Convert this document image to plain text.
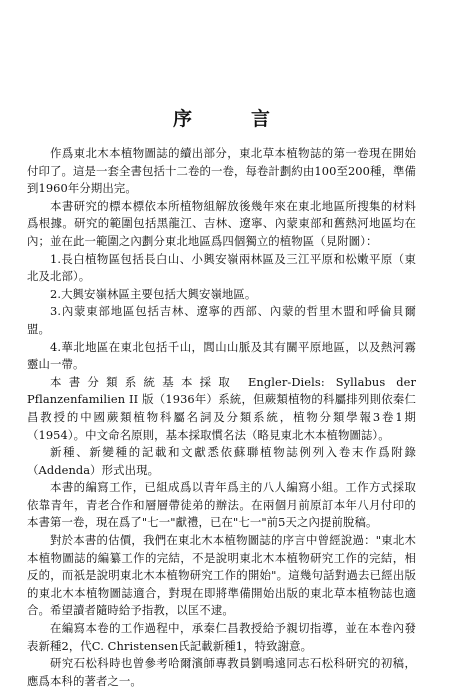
序　言

作爲東北木本植物圖誌的續出部分，東北草本植物誌的第一卷現在開始付印了。這是一套全書包括十二卷的一卷，每卷計劃約由100至200種，準備到1960年分期出完。

本書研究的標本標依本所植物組解放後幾年來在東北地區所搜集的材料爲根據。研究的範圍包括黑龍江、吉林、遼寧、內蒙東部和舊熱河地區均在內；並在此一範圍之內劃分東北地區爲四個獨立的植物區（見附圖）：

1.長白植物區包括長白山、小興安嶺兩林區及三江平原和松嫩平原（東北及北部）。

2.大興安嶺林區主要包括大興安嶺地區。

3.內蒙東部地區包括吉林、遼寧的西部、內蒙的哲里木盟和呼倫貝爾盟。

4.華北地區在東北包括千山，閭山山脈及其有關平原地區，以及熱河霧靈山一帶。

本書分類系統基本採取 Engler-Diels: Syllabus der Pflanzenfamilien II 版（1936年）系統，但蕨類植物的科屬排列則依秦仁昌教授的中國蕨類植物科屬名詞及分類系統，植物分類學報3卷1期（1954）。中文命名原則，基本採取慣名法（略見東北木本植物圖誌）。

新種、新變種的記載和文獻悉依蘇聯植物誌例列入卷末作爲附錄（Addenda）形式出現。

本書的編寫工作，已組成爲以青年爲主的八人編寫小組。工作方式採取依靠青年，青老合作和層層帶徒弟的辦法。在兩個月前原訂本年八月付印的本書第一卷，現在爲了"七一"獻禮，已在"七一"前5天之內提前脫稿。

對於本書的估價，我們在東北木本植物圖誌的序言中曾經說過："東北木本植物圖誌的編纂工作的完結，不是說明東北木本植物研究工作的完結，相反的，而祇是說明東北木本植物研究工作的開始"。這幾句話對過去已經出版的東北木本植物圖誌適合，對現在即將準備開始出版的東北草本植物誌也適合。希望讀者隨時給予指教，以匡不逮。

在編寫本卷的工作過程中，承秦仁昌教授給予親切指導，並在本卷內發表新種2，代C. Christensen氏記載新種1，特致謝意。

研究石松科時也曾參考哈爾濱師專教員劉鳴遠同志石松科研究的初稿，應爲本科的著者之一。
